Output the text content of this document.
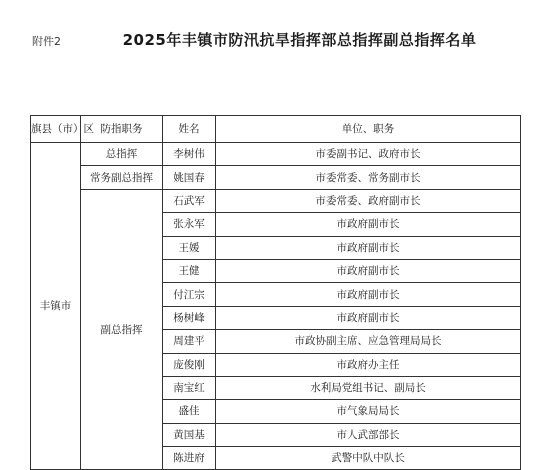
附件2	2025年丰镇市防汛抗旱指挥部总指挥副总指挥名单
旗县（市）区	防指职务	姓名	单位、职务
丰镇市	总指挥	李树伟	市委副书记、政府市长
	常务副总指挥	姚国春	市委常委、常务副市长
	副总指挥	石武军	市委常委、政府副市长
		张永军	市政府副市长
		王媛	市政府副市长
		王健	市政府副市长
		付江宗	市政府副市长
		杨树峰	市政府副市长
		周建平	市政协副主席、应急管理局局长
		庞俊刚	市政府办主任
		南宝红	水利局党组书记、副局长
		盛佳	市气象局局长
		黄国基	市人武部部长
		陈进府	武警中队中队长
